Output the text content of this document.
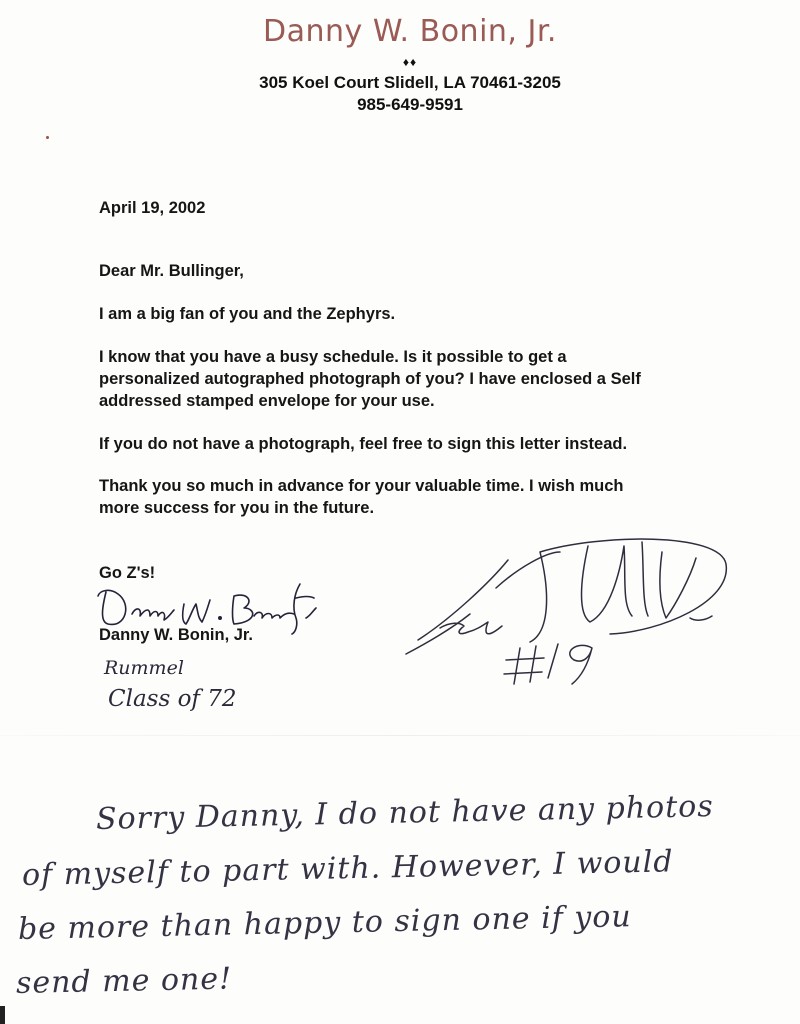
Danny W. Bonin, Jr.
♦♦
305 Koel Court Slidell, LA 70461-3205
985-649-9591
April 19, 2002
Dear Mr. Bullinger,
I am a big fan of you and the Zephyrs.
I know that you have a busy schedule. Is it possible to get a
personalized autographed photograph of you? I have enclosed a Self
addressed stamped envelope for your use.
If you do not have a photograph, feel free to sign this letter instead.
Thank you so much in advance for your valuable time. I wish much
more success for you in the future.
Go Z's!
Danny W. Bonin, Jr.
Rummel
Class of 72
Sorry Danny, I do not have any photos
of myself to part with. However, I would
be more than happy to sign one if you
send me one!
